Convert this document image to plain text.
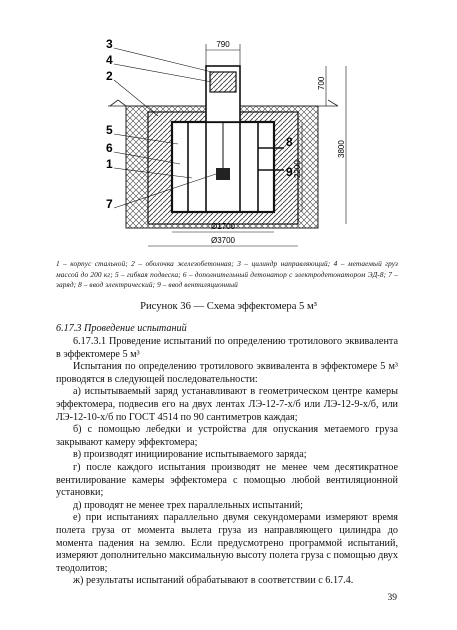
790
700
3800
2200
Ø1700
Ø3700
3
4
2
5
6
1
7
8
9
1 – корпус стальной; 2 – оболочка железобетонная; 3 – цилиндр направляющий; 4 – метаемый груз массой до 200 кг; 5 – гибкая подвеска; 6 – дополнительный детонатор с электродетонатором ЭД-8; 7 – заряд; 8 – ввод электрический; 9 – ввод вентиляционный
Рисунок 36 — Схема эффектомера 5 м³
6.17.3 Проведение испытаний

6.17.3.1 Проведение испытаний по определению тротилового эквивалента в эффектомере 5 м³

Испытания по определению тротилового эквивалента в эффектомере 5 м³ проводятся в следующей последовательности:

а) испытываемый заряд устанавливают в геометрическом центре камеры эффектомера, подвесив его на двух лентах ЛЭ-12-7-х/б или ЛЭ-12-9-х/б, или ЛЭ-12-10-х/б по ГОСТ 4514 по 90 сантиметров каждая;

б) с помощью лебедки и устройства для опускания метаемого груза закрывают камеру эффектомера;

в) производят инициирование испытываемого заряда;

г) после каждого испытания производят не менее чем десятикратное вентилирование камеры эффектомера с помощью любой вентиляционной установки;

д) проводят не менее трех параллельных испытаний;

е) при испытаниях параллельно двумя секундомерами измеряют время полета груза от момента вылета груза из направляющего цилиндра до момента падения на землю. Если предусмотрено программой испытаний, измеряют дополнительно максимальную высоту полета груза с помощью двух теодолитов;

ж) результаты испытаний обрабатывают в соответствии с 6.17.4.

39
